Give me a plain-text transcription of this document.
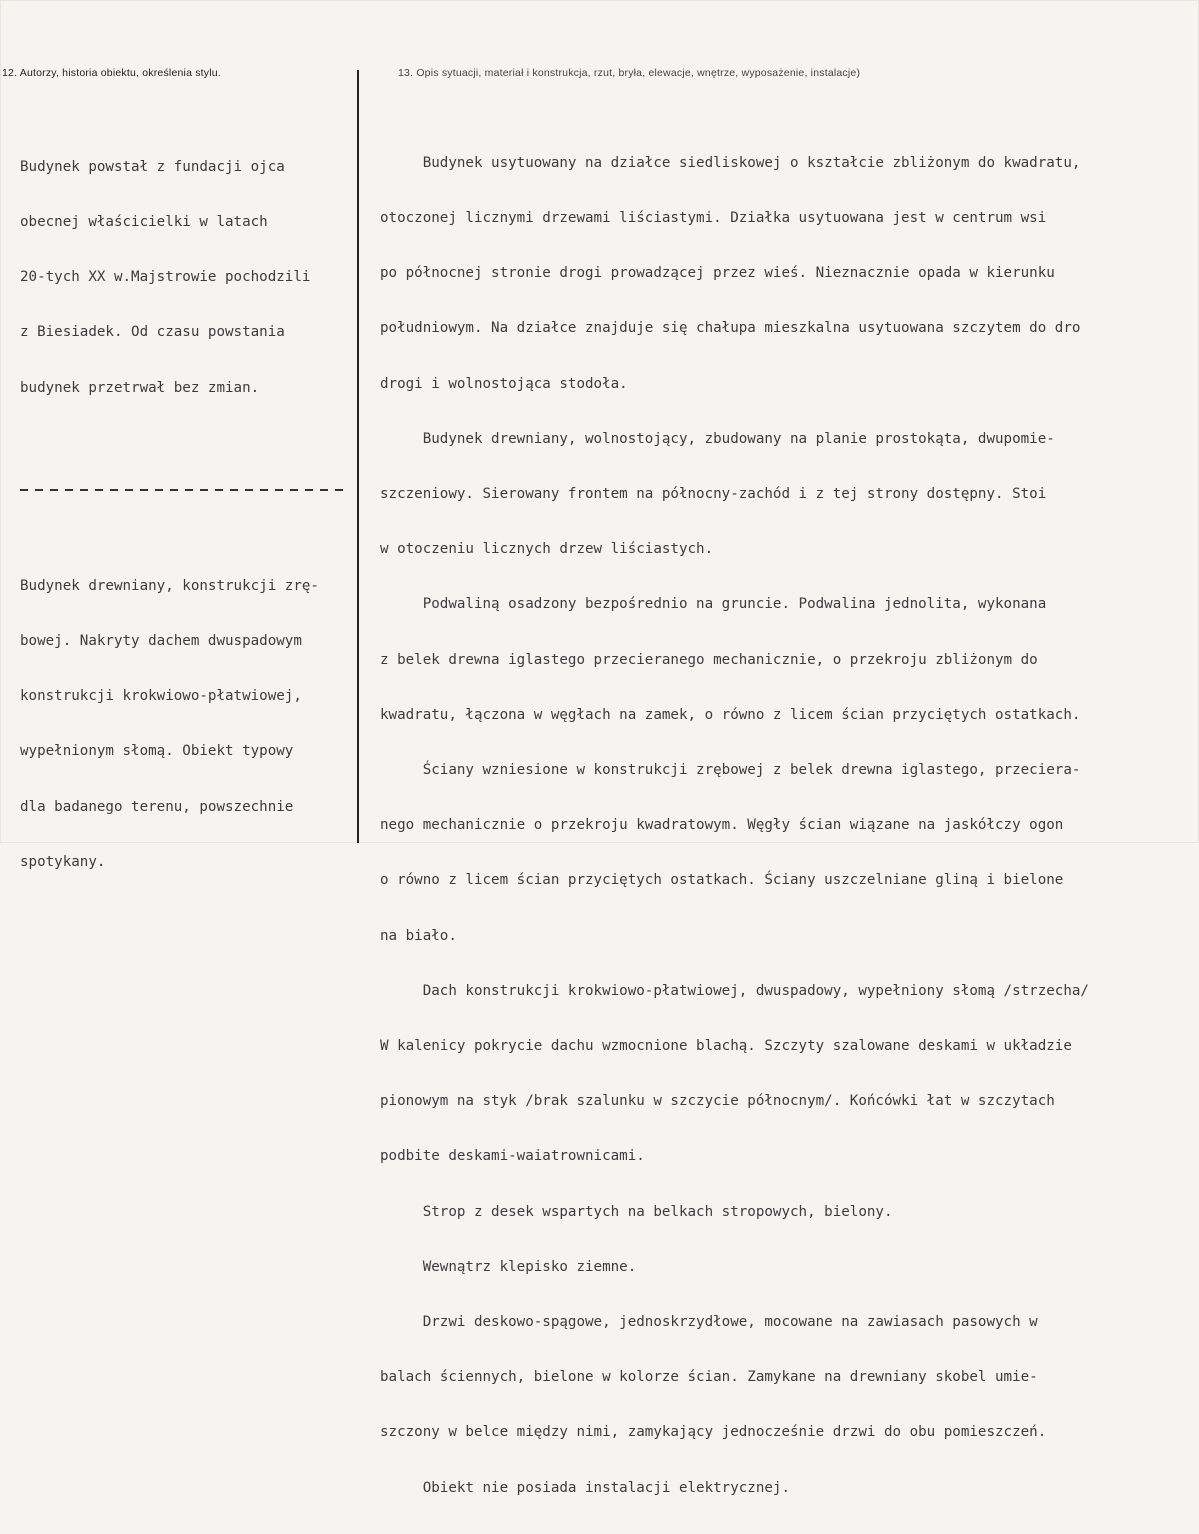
12. Autorzy, historia obiektu, określenia stylu.	13. Opis sytuacji, materiał i konstrukcja, rzut, bryła, elewacje, wnętrze, wyposażenie, instalacje)

Budynek powstał z fundacji ojca

obecnej właścicielki w latach

20-tych XX w.Majstrowie pochodzili

z Biesiadek. Od czasu powstania

budynek przetrwał bez zmian.

Budynek drewniany, konstrukcji zrę-

bowej. Nakryty dachem dwuspadowym

konstrukcji krokwiowo-płatwiowej,

wypełnionym słomą. Obiekt typowy

dla badanego terenu, powszechnie

spotykany.

Budynek usytuowany na działce siedliskowej o kształcie zbliżonym do kwadratu,

otoczonej licznymi drzewami liściastymi. Działka usytuowana jest w centrum wsi

po północnej stronie drogi prowadzącej przez wieś. Nieznacznie opada w kierunku

południowym. Na działce znajduje się chałupa mieszkalna usytuowana szczytem do dro

drogi i wolnostojąca stodoła.

Budynek drewniany, wolnostojący, zbudowany na planie prostokąta, dwupomie-

szczeniowy. Sierowany frontem na północny-zachód i z tej strony dostępny. Stoi

w otoczeniu licznych drzew liściastych.

Podwaliną osadzony bezpośrednio na gruncie. Podwalina jednolita, wykonana

z belek drewna iglastego przecieranego mechanicznie, o przekroju zbliżonym do

kwadratu, łączona w węgłach na zamek, o równo z licem ścian przyciętych ostatkach.

Ściany wzniesione w konstrukcji zrębowej z belek drewna iglastego, przeciera-

nego mechanicznie o przekroju kwadratowym. Węgły ścian wiązane na jaskółczy ogon

o równo z licem ścian przyciętych ostatkach. Ściany uszczelniane gliną i bielone

na biało.

Dach konstrukcji krokwiowo-płatwiowej, dwuspadowy, wypełniony słomą /strzecha/

W kalenicy pokrycie dachu wzmocnione blachą. Szczyty szalowane deskami w układzie

pionowym na styk /brak szalunku w szczycie północnym/. Końcówki łat w szczytach

podbite deskami-waiatrownicami.

Strop z desek wspartych na belkach stropowych, bielony.

Wewnątrz klepisko ziemne.

Drzwi deskowo-spągowe, jednoskrzydłowe, mocowane na zawiasach pasowych w

balach ściennych, bielone w kolorze ścian. Zamykane na drewniany skobel umie-

szczony w belce między nimi, zamykający jednocześnie drzwi do obu pomieszczeń.

Obiekt nie posiada instalacji elektrycznej.
